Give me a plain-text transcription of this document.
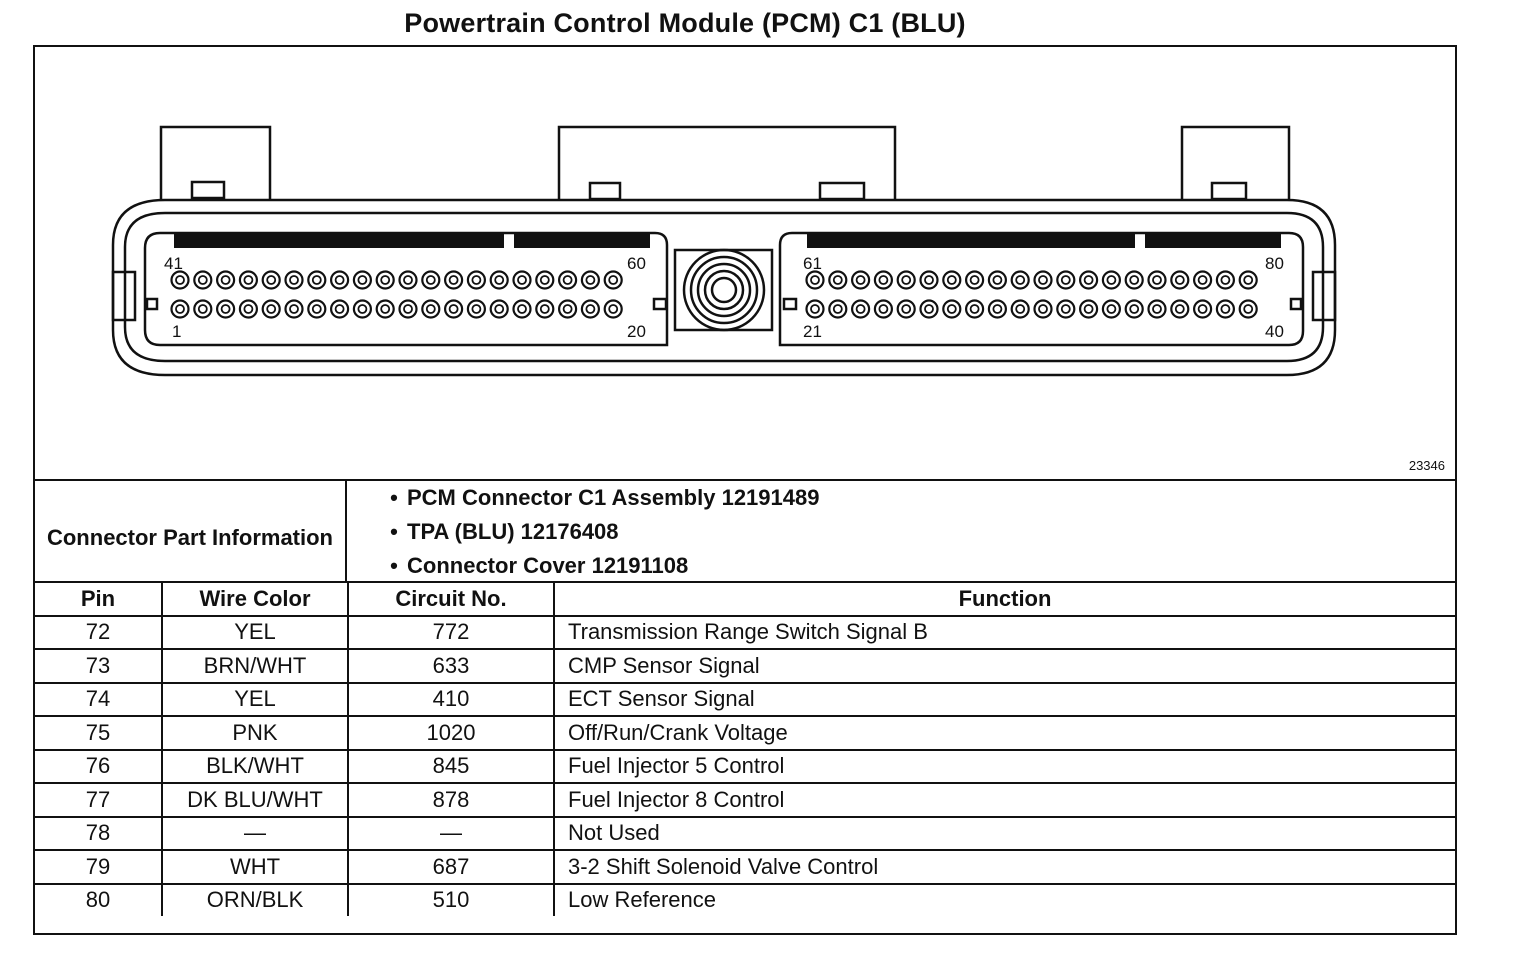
Powertrain Control Module (PCM) C1 (BLU)
41	60
1	20
61	80
21	40
23346
Connector Part Information
• PCM Connector C1 Assembly 12191489
• TPA (BLU) 12176408
• Connector Cover 12191108
Pin	Wire Color	Circuit No.	Function
72	YEL	772	Transmission Range Switch Signal B
73	BRN/WHT	633	CMP Sensor Signal
74	YEL	410	ECT Sensor Signal
75	PNK	1020	Off/Run/Crank Voltage
76	BLK/WHT	845	Fuel Injector 5 Control
77	DK BLU/WHT	878	Fuel Injector 8 Control
78	—	—	Not Used
79	WHT	687	3-2 Shift Solenoid Valve Control
80	ORN/BLK	510	Low Reference
